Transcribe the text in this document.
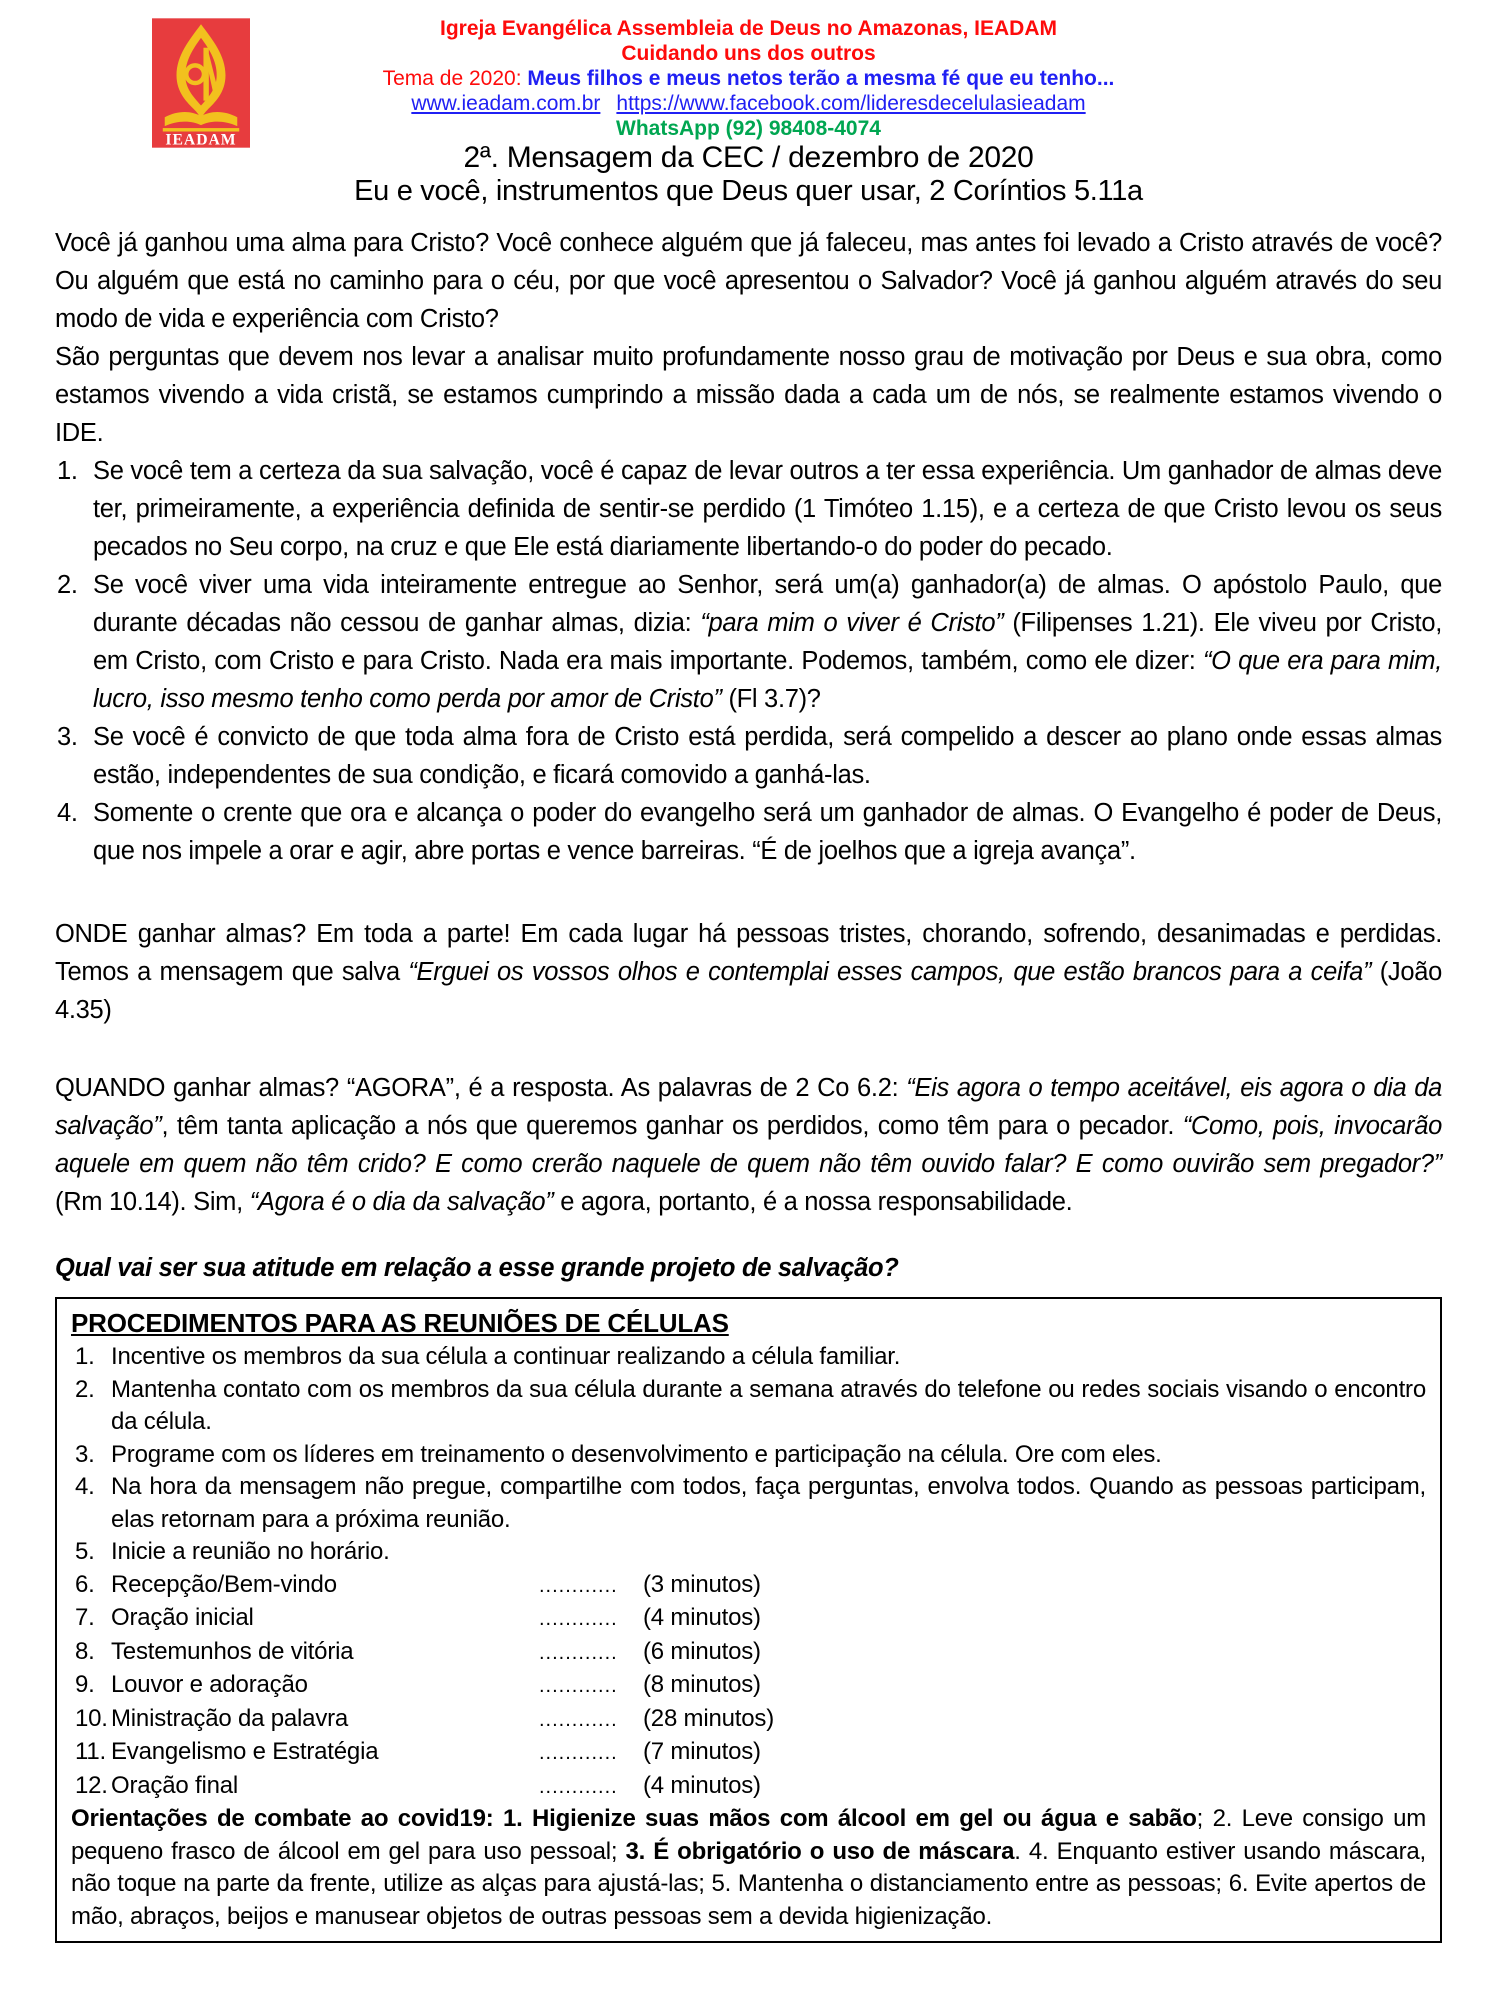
IEADAM
Igreja Evangélica Assembleia de Deus no Amazonas, IEADAM
Cuidando uns dos outros
Tema de 2020: Meus filhos e meus netos terão a mesma fé que eu tenho...
www.ieadam.com.br https://www.facebook.com/lideresdecelulasieadam
WhatsApp (92) 98408-4074
2ª. Mensagem da CEC / dezembro de 2020
Eu e você, instrumentos que Deus quer usar, 2 Coríntios 5.11a

Você já ganhou uma alma para Cristo? Você conhece alguém que já faleceu, mas antes foi levado a Cristo através de você? Ou alguém que está no caminho para o céu, por que você apresentou o Salvador? Você já ganhou alguém através do seu modo de vida e experiência com Cristo?

São perguntas que devem nos levar a analisar muito profundamente nosso grau de motivação por Deus e sua obra, como estamos vivendo a vida cristã, se estamos cumprindo a missão dada a cada um de nós, se realmente estamos vivendo o IDE.

1. Se você tem a certeza da sua salvação, você é capaz de levar outros a ter essa experiência. Um ganhador de almas deve ter, primeiramente, a experiência definida de sentir-se perdido (1 Timóteo 1.15), e a certeza de que Cristo levou os seus pecados no Seu corpo, na cruz e que Ele está diariamente libertando-o do poder do pecado.
2. Se você viver uma vida inteiramente entregue ao Senhor, será um(a) ganhador(a) de almas. O apóstolo Paulo, que durante décadas não cessou de ganhar almas, dizia: “para mim o viver é Cristo” (Filipenses 1.21). Ele viveu por Cristo, em Cristo, com Cristo e para Cristo. Nada era mais importante. Podemos, também, como ele dizer: “O que era para mim, lucro, isso mesmo tenho como perda por amor de Cristo” (Fl 3.7)?
3. Se você é convicto de que toda alma fora de Cristo está perdida, será compelido a descer ao plano onde essas almas estão, independentes de sua condição, e ficará comovido a ganhá-las.
4. Somente o crente que ora e alcança o poder do evangelho será um ganhador de almas. O Evangelho é poder de Deus, que nos impele a orar e agir, abre portas e vence barreiras. “É de joelhos que a igreja avança”.

ONDE ganhar almas? Em toda a parte! Em cada lugar há pessoas tristes, chorando, sofrendo, desanimadas e perdidas. Temos a mensagem que salva “Erguei os vossos olhos e contemplai esses campos, que estão brancos para a ceifa” (João 4.35)

QUANDO ganhar almas? “AGORA”, é a resposta. As palavras de 2 Co 6.2: “Eis agora o tempo aceitável, eis agora o dia da salvação”, têm tanta aplicação a nós que queremos ganhar os perdidos, como têm para o pecador. “Como, pois, invocarão aquele em quem não têm crido? E como crerão naquele de quem não têm ouvido falar? E como ouvirão sem pregador?” (Rm 10.14). Sim, “Agora é o dia da salvação” e agora, portanto, é a nossa responsabilidade.

Qual vai ser sua atitude em relação a esse grande projeto de salvação?

PROCEDIMENTOS PARA AS REUNIÕES DE CÉLULAS
1. Incentive os membros da sua célula a continuar realizando a célula familiar.
2. Mantenha contato com os membros da sua célula durante a semana através do telefone ou redes sociais visando o encontro da célula.
3. Programe com os líderes em treinamento o desenvolvimento e participação na célula. Ore com eles.
4. Na hora da mensagem não pregue, compartilhe com todos, faça perguntas, envolva todos. Quando as pessoas participam, elas retornam para a próxima reunião.
5. Inicie a reunião no horário.
6. Recepção/Bem-vindo	............	(3 minutos)
7. Oração inicial	............	(4 minutos)
8. Testemunhos de vitória	............	(6 minutos)
9. Louvor e adoração	............	(8 minutos)
10. Ministração da palavra	............	(28 minutos)
11. Evangelismo e Estratégia	............	(7 minutos)
12. Oração final	............	(4 minutos)
Orientações de combate ao covid19: 1. Higienize suas mãos com álcool em gel ou água e sabão; 2. Leve consigo um pequeno frasco de álcool em gel para uso pessoal; 3. É obrigatório o uso de máscara. 4. Enquanto estiver usando máscara, não toque na parte da frente, utilize as alças para ajustá-las; 5. Mantenha o distanciamento entre as pessoas; 6. Evite apertos de mão, abraços, beijos e manusear objetos de outras pessoas sem a devida higienização.
